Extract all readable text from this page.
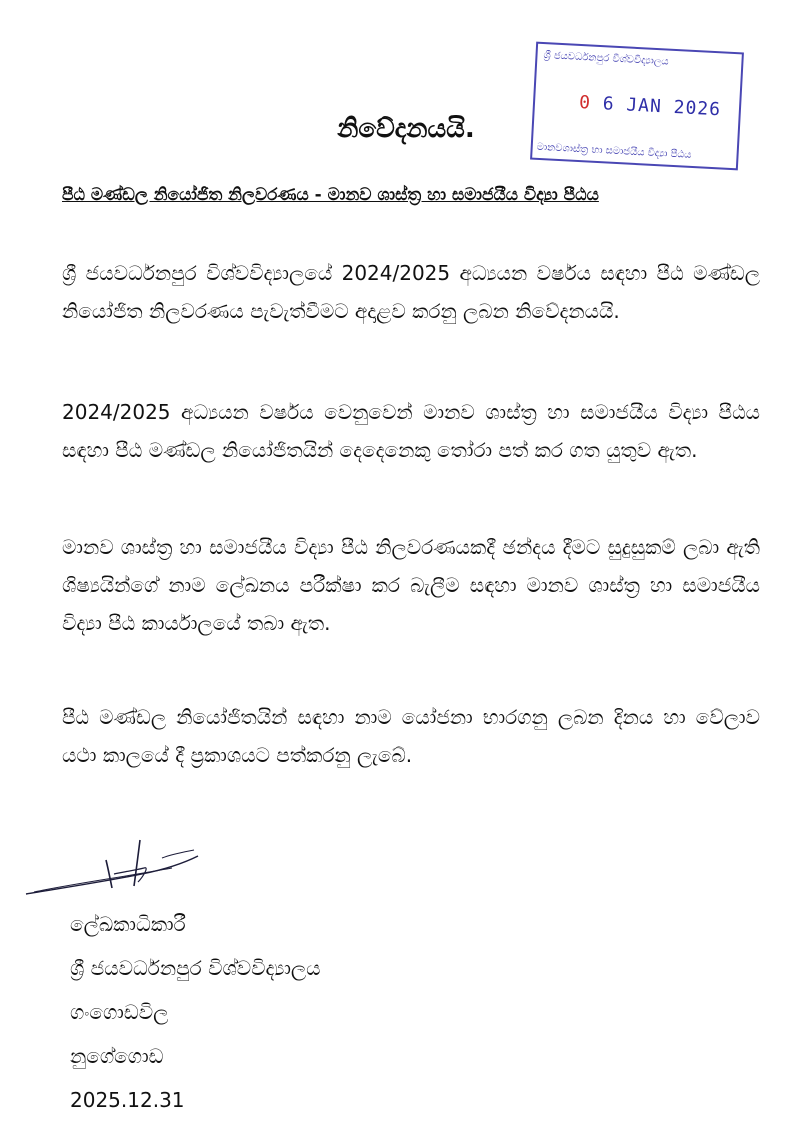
ශ්‍රී ජයවර්ධනපුර විශ්වවිද්‍යාලය
0 6 JAN 2026
මානවශාස්ත්‍ර හා සමාජයීය විද්‍යා පීඨය
නිවේදනයයි.
පීඨ මණ්ඩල නියෝජිත නිලවරණය - මානව ශාස්ත්‍ර හා සමාජයීය විද්‍යා පීඨය
ශ්‍රී ජයවර්ධනපුර විශ්වවිද්‍යාලයේ 2024/2025 අධ්‍යයන වර්ෂය සඳහා පීඨ මණ්ඩල නියෝජිත නිලවරණය පැවැත්වීමට අදාළව කරනු ලබන නිවේදනයයි.
2024/2025 අධ්‍යයන වර්ෂය වෙනුවෙන් මානව ශාස්ත්‍ර හා සමාජයීය විද්‍යා පීඨය සඳහා පීඨ මණ්ඩල නියෝජිතයින් දෙදෙනෙකු තෝරා පත් කර ගත යුතුව ඇත.
මානව ශාස්ත්‍ර හා සමාජයීය විද්‍යා පීඨ නිලවරණයකදී ඡන්දය දීමට සුදුසුකම් ලබා ඇති ශිෂ්‍යයින්ගේ නාම ලේඛනය පරීක්ෂා කර බැලීම සඳහා මානව ශාස්ත්‍ර හා සමාජයීය විද්‍යා පීඨ කාර්යාලයේ තබා ඇත.
පීඨ මණ්ඩල නියෝජිතයින් සඳහා නාම යෝජනා භාරගනු ලබන දිනය හා වේලාව යථා කාලයේ දී ප්‍රකාශයට පත්කරනු ලැබේ.
ලේඛකාධිකාරී
ශ්‍රී ජයවර්ධනපුර විශ්වවිද්‍යාලය
ගංගොඩවිල
නුගේගොඩ
2025.12.31
